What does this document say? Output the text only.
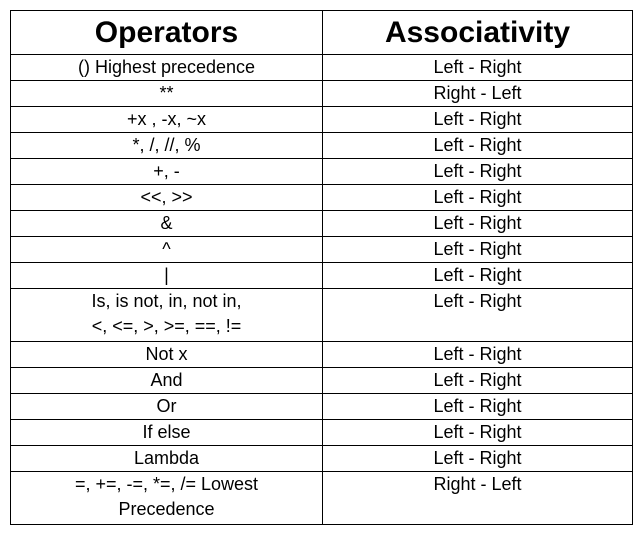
Operators	Associativity
() Highest precedence	Left - Right
**	Right - Left
+x , -x, ~x	Left - Right
*, /, //, %	Left - Right
+, -	Left - Right
<<, >>	Left - Right
&	Left - Right
^	Left - Right
|	Left - Right

Is, is not, in, not in,
<, <=, >, >=, ==, !=	Left - Right
Not x	Left - Right
And	Left - Right
Or	Left - Right
If else	Left - Right
Lambda	Left - Right

=, +=, -=, *=, /= Lowest
Precedence	Right - Left
